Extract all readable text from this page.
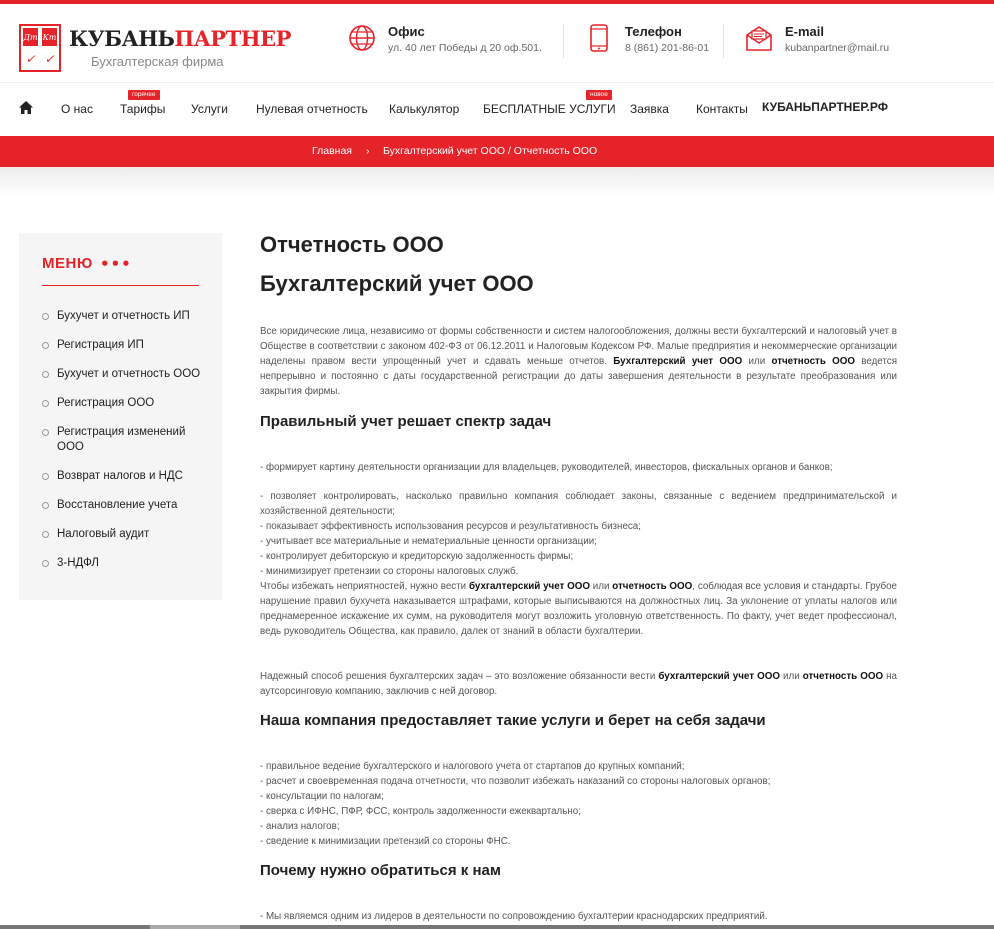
Дт Кт
✓ ✓
КУБАНЬПАРТНЕР
Бухгалтерская фирма
Офис
ул. 40 лет Победы д 20 оф.501.
Телефон
8 (861) 201-86-01
E-mail
kubanpartner@mail.ru
О нас
горячее
Тарифы Услуги Нулевая отчетность Калькулятор
новое
БЕСПЛАТНЫЕ УСЛУГИ Заявка Контакты КУБАНЬПАРТНЕР.РФ
Главная › Бухгалтерский учет ООО / Отчетность ООО
МЕНЮ •••
Бухучет и отчетность ИП
Регистрация ИП
Бухучет и отчетность ООО
Регистрация ООО
Регистрация изменений ООО
Возврат налогов и НДС
Восстановление учета
Налоговый аудит
3-НДФЛ
Отчетность ООО
Бухгалтерский учет ООО
Все юридические лица, независимо от формы собственности и систем налогообложения, должны вести бухгалтерский и налоговый учет в Обществе в соответствии с законом 402-ФЗ от 06.12.2011 и Налоговым Кодексом РФ. Малые предприятия и некоммерческие организации наделены правом вести упрощенный учет и сдавать меньше отчетов. Бухгалтерский учет ООО или отчетность ООО ведется непрерывно и постоянно с даты государственной регистрации до даты завершения деятельности в результате преобразования или закрытия фирмы.
Правильный учет решает спектр задач
- формирует картину деятельности организации для владельцев, руководителей, инвесторов, фискальных органов и банков;
- позволяет контролировать, насколько правильно компания соблюдает законы, связанные с ведением предпринимательской и хозяйственной деятельности;
- показывает эффективность использования ресурсов и результативность бизнеса;
- учитывает все материальные и нематериальные ценности организации;
- контролирует дебиторскую и кредиторскую задолженность фирмы;
- минимизирует претензии со стороны налоговых служб.
Чтобы избежать неприятностей, нужно вести бухгалтерский учет ООО или отчетность ООО, соблюдая все условия и стандарты. Грубое нарушение правил бухучета наказывается штрафами, которые выписываются на должностных лиц. За уклонение от уплаты налогов или преднамеренное искажение их сумм, на руководителя могут возложить уголовную ответственность. По факту, учет ведет профессионал, ведь руководитель Общества, как правило, далек от знаний в области бухгалтерии.
Надежный способ решения бухгалтерских задач – это возложение обязанности вести бухгалтерский учет ООО или отчетность ООО на аутсорсинговую компанию, заключив с ней договор.
Наша компания предоставляет такие услуги и берет на себя задачи
- правильное ведение бухгалтерского и налогового учета от стартапов до крупных компаний;
- расчет и своевременная подача отчетности, что позволит избежать наказаний со стороны налоговых органов;
- консультации по налогам;
- сверка с ИФНС, ПФР, ФСС, контроль задолженности ежеквартально;
- анализ налогов;
- сведение к минимизации претензий со стороны ФНС.
Почему нужно обратиться к нам
- Мы являемся одним из лидеров в деятельности по сопровождению бухгалтерии краснодарских предприятий.
